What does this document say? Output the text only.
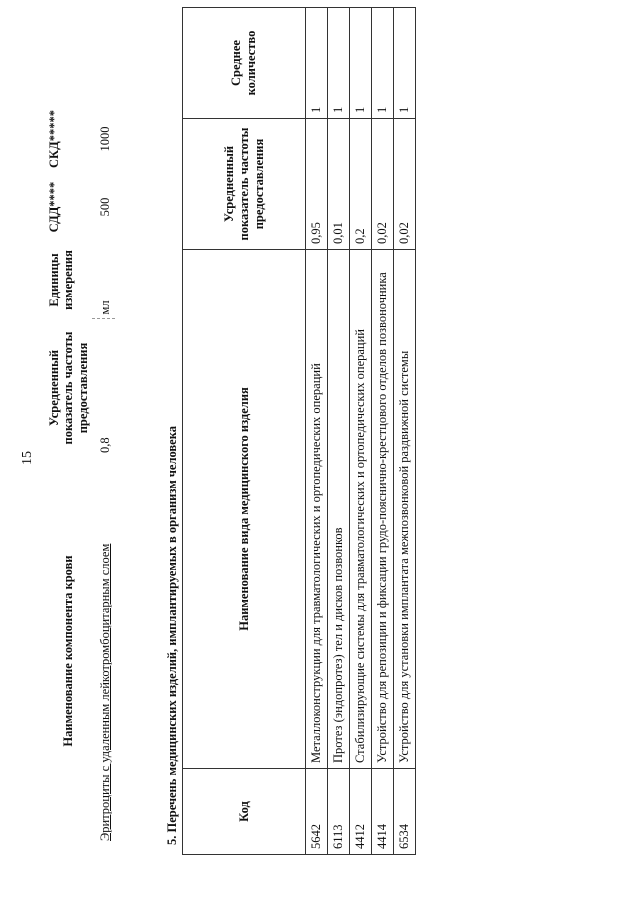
15
Наименование компонента крови	Усредненный показатель частоты предоставления	Единицы измерения	СДД****	СКД*****
Эритроциты с удаленным лейкотромбоцитарным слоем	0,8	мл	500	1000
5. Перечень медицинских изделий, имплантируемых в организм человека	Код	Наименование вида медицинского изделия	Усредненный показатель частоты предоставления	Среднее количество
5642	Металлоконструкции для травматологических и ортопедических операций	0,95	1
6113	Протез (эндопротез) тел и дисков позвонков	0,01	1
4412	Стабилизирующие системы для травматологических и ортопедических операций	0,2	1
4414	Устройство для репозиции и фиксации грудо-пояснично-крестцового отделов позвоночника	0,02	1
6534	Устройство для установки имплантата межпозвонковой раздвижной системы	0,02	1
